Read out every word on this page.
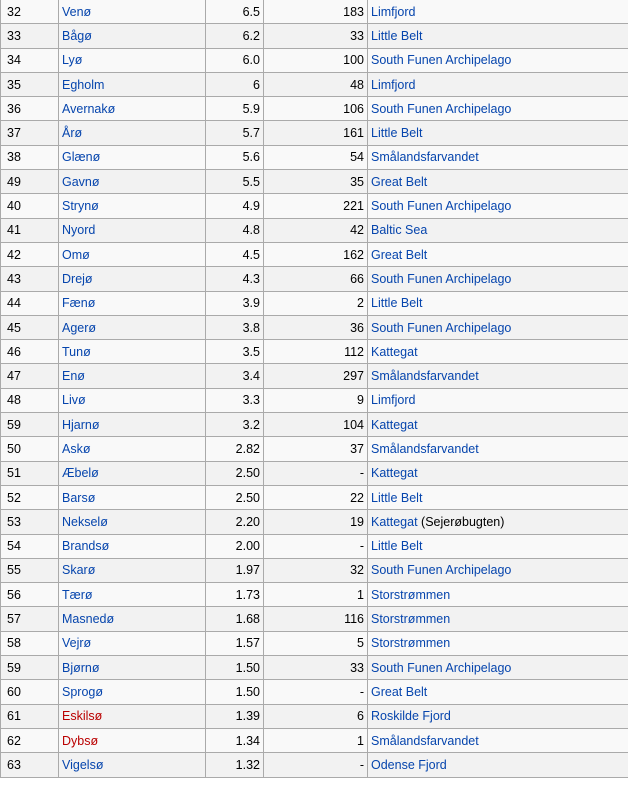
32	Venø	6.5	183	Limfjord
33	Bågø	6.2	33	Little Belt
34	Lyø	6.0	100	South Funen Archipelago
35	Egholm	6	48	Limfjord
36	Avernakø	5.9	106	South Funen Archipelago
37	Årø	5.7	161	Little Belt
38	Glænø	5.6	54	Smålandsfarvandet
49	Gavnø	5.5	35	Great Belt
40	Strynø	4.9	221	South Funen Archipelago
41	Nyord	4.8	42	Baltic Sea
42	Omø	4.5	162	Great Belt
43	Drejø	4.3	66	South Funen Archipelago
44	Fænø	3.9	2	Little Belt
45	Agerø	3.8	36	South Funen Archipelago
46	Tunø	3.5	112	Kattegat
47	Enø	3.4	297	Smålandsfarvandet
48	Livø	3.3	9	Limfjord
59	Hjarnø	3.2	104	Kattegat
50	Askø	2.82	37	Smålandsfarvandet
51	Æbelø	2.50	-	Kattegat
52	Barsø	2.50	22	Little Belt
53	Nekselø	2.20	19	Kattegat (Sejerøbugten)
54	Brandsø	2.00	-	Little Belt
55	Skarø	1.97	32	South Funen Archipelago
56	Tærø	1.73	1	Storstrømmen
57	Masnedø	1.68	116	Storstrømmen
58	Vejrø	1.57	5	Storstrømmen
59	Bjørnø	1.50	33	South Funen Archipelago
60	Sprogø	1.50	-	Great Belt
61	Eskilsø	1.39	6	Roskilde Fjord
62	Dybsø	1.34	1	Smålandsfarvandet
63	Vigelsø	1.32	-	Odense Fjord
